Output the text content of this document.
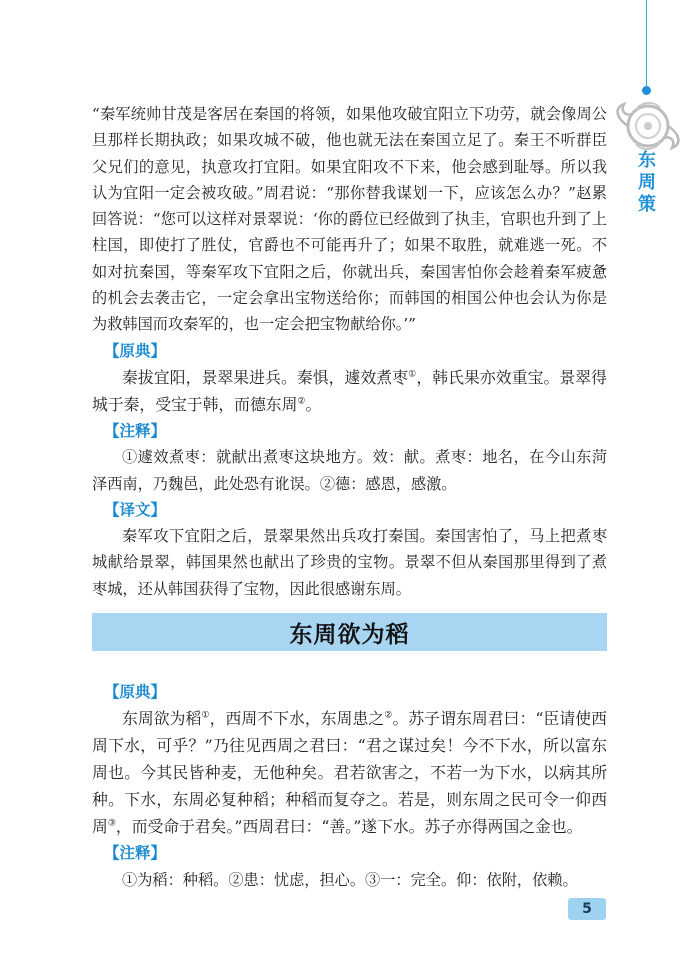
东
周
策

“秦军统帅甘茂是客居在秦国的将领，如果他攻破宜阳立下功劳，就会像周公旦那样长期执政；如果攻城不破，他也就无法在秦国立足了。秦王不听群臣父兄们的意见，执意攻打宜阳。如果宜阳攻不下来，他会感到耻辱。所以我认为宜阳一定会被攻破。”周君说：“那你替我谋划一下，应该怎么办？”赵累回答说：“您可以这样对景翠说：‘你的爵位已经做到了执圭，官职也升到了上柱国，即使打了胜仗，官爵也不可能再升了；如果不取胜，就难逃一死。不如对抗秦国，等秦军攻下宜阳之后，你就出兵，秦国害怕你会趁着秦军疲惫的机会去袭击它，一定会拿出宝物送给你；而韩国的相国公仲也会认为你是为救韩国而攻秦军的，也一定会把宝物献给你。’”

【原典】

秦拔宜阳，景翠果进兵。秦惧，遽效煮枣①，韩氏果亦效重宝。景翠得城于秦，受宝于韩，而德东周②。

【注释】

①遽效煮枣：就献出煮枣这块地方。效：献。煮枣：地名，在今山东菏泽西南，乃魏邑，此处恐有讹误。②德：感恩，感激。

【译文】

秦军攻下宜阳之后，景翠果然出兵攻打秦国。秦国害怕了，马上把煮枣城献给景翠，韩国果然也献出了珍贵的宝物。景翠不但从秦国那里得到了煮枣城，还从韩国获得了宝物，因此很感谢东周。

东周欲为稻

【原典】

东周欲为稻①，西周不下水，东周患之②。苏子谓东周君曰：“臣请使西周下水，可乎？”乃往见西周之君曰：“君之谋过矣！今不下水，所以富东周也。今其民皆种麦，无他种矣。君若欲害之，不若一为下水，以病其所种。下水，东周必复种稻；种稻而复夺之。若是，则东周之民可令一仰西周③，而受命于君矣。”西周君曰：“善。”遂下水。苏子亦得两国之金也。

【注释】

①为稻：种稻。②患：忧虑，担心。③一：完全。仰：依附，依赖。

5
